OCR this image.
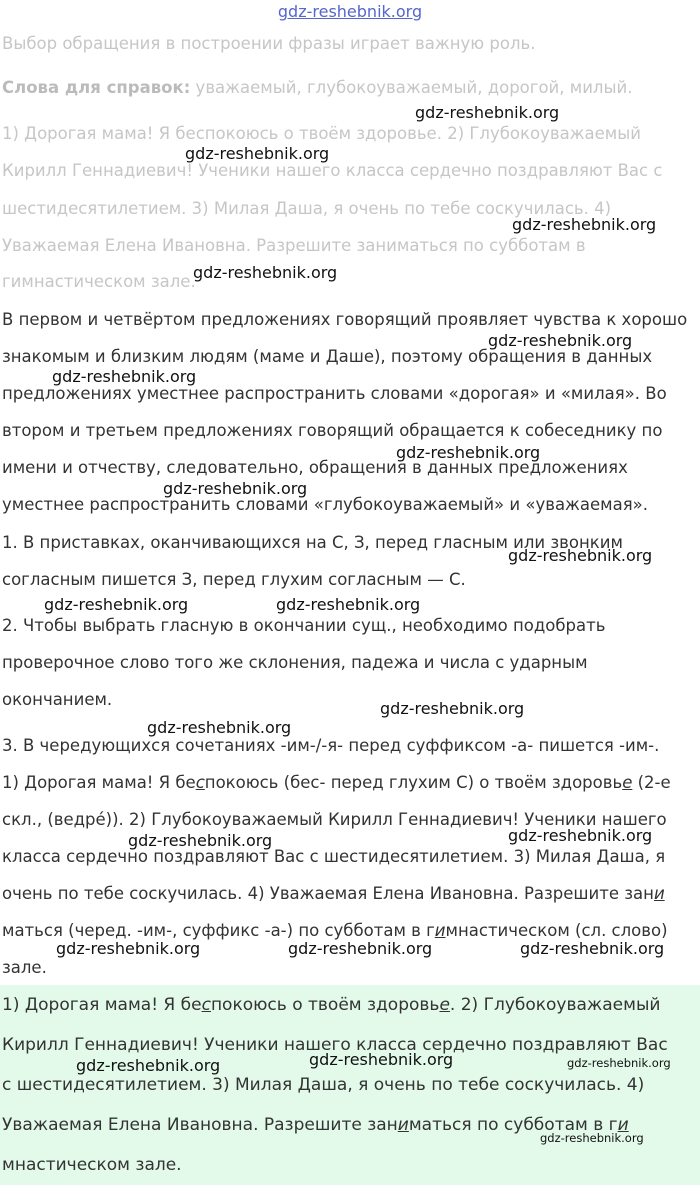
gdz-reshebnik.org
Выбор обращения в построении фразы играет важную роль.
Слова для справок: уважаемый, глубокоуважаемый, дорогой, милый.
1) Дорогая мама! Я беспокоюсь о твоём здоровье. 2) Глубокоуважаемый
Кирилл Геннадиевич! Ученики нашего класса сердечно поздравляют Вас с
шестидесятилетием. 3) Милая Даша, я очень по тебе соскучилась. 4)
Уважаемая Елена Ивановна. Разрешите заниматься по субботам в
гимнастическом зале.
В первом и четвёртом предложениях говорящий проявляет чувства к хорошо
знакомым и близким людям (маме и Даше), поэтому обращения в данных
предложениях уместнее распространить словами «дорогая» и «милая». Во
втором и третьем предложениях говорящий обращается к собеседнику по
имени и отчеству, следовательно, обращения в данных предложениях
уместнее распространить словами «глубокоуважаемый» и «уважаемая».
1. В приставках, оканчивающихся на С, З, перед гласным или звонким
согласным пишется З, перед глухим согласным — С.
2. Чтобы выбрать гласную в окончании сущ., необходимо подобрать
проверочное слово того же склонения, падежа и числа с ударным
окончанием.
3. В чередующихся сочетаниях -им-/-я- перед суффиксом -а- пишется -им-.
1) Дорогая мама! Я беспокоюсь (бес- перед глухим С) о твоём здоровье (2-е
скл., (ведрé)). 2) Глубокоуважаемый Кирилл Геннадиевич! Ученики нашего
класса сердечно поздравляют Вас с шестидесятилетием. 3) Милая Даша, я
очень по тебе соскучилась. 4) Уважаемая Елена Ивановна. Разрешите зани
маться (черед. -им-, суффикс -а-) по субботам в гимнастическом (сл. слово)
зале.
1) Дорогая мама! Я беспокоюсь о твоём здоровье. 2) Глубокоуважаемый
Кирилл Геннадиевич! Ученики нашего класса сердечно поздравляют Вас
с шестидесятилетием. 3) Милая Даша, я очень по тебе соскучилась. 4)
Уважаемая Елена Ивановна. Разрешите заниматься по субботам в ги
мнастическом зале.
gdz-reshebnik.org
gdz-reshebnik.org
gdz-reshebnik.org
gdz-reshebnik.org
gdz-reshebnik.org
gdz-reshebnik.org
gdz-reshebnik.org
gdz-reshebnik.org
gdz-reshebnik.org
gdz-reshebnik.org	gdz-reshebnik.org
gdz-reshebnik.org
gdz-reshebnik.org
gdz-reshebnik.org
gdz-reshebnik.org
gdz-reshebnik.org	gdz-reshebnik.org	gdz-reshebnik.org
gdz-reshebnik.org
gdz-reshebnik.org	gdz-reshebnik.org
gdz-reshebnik.org
